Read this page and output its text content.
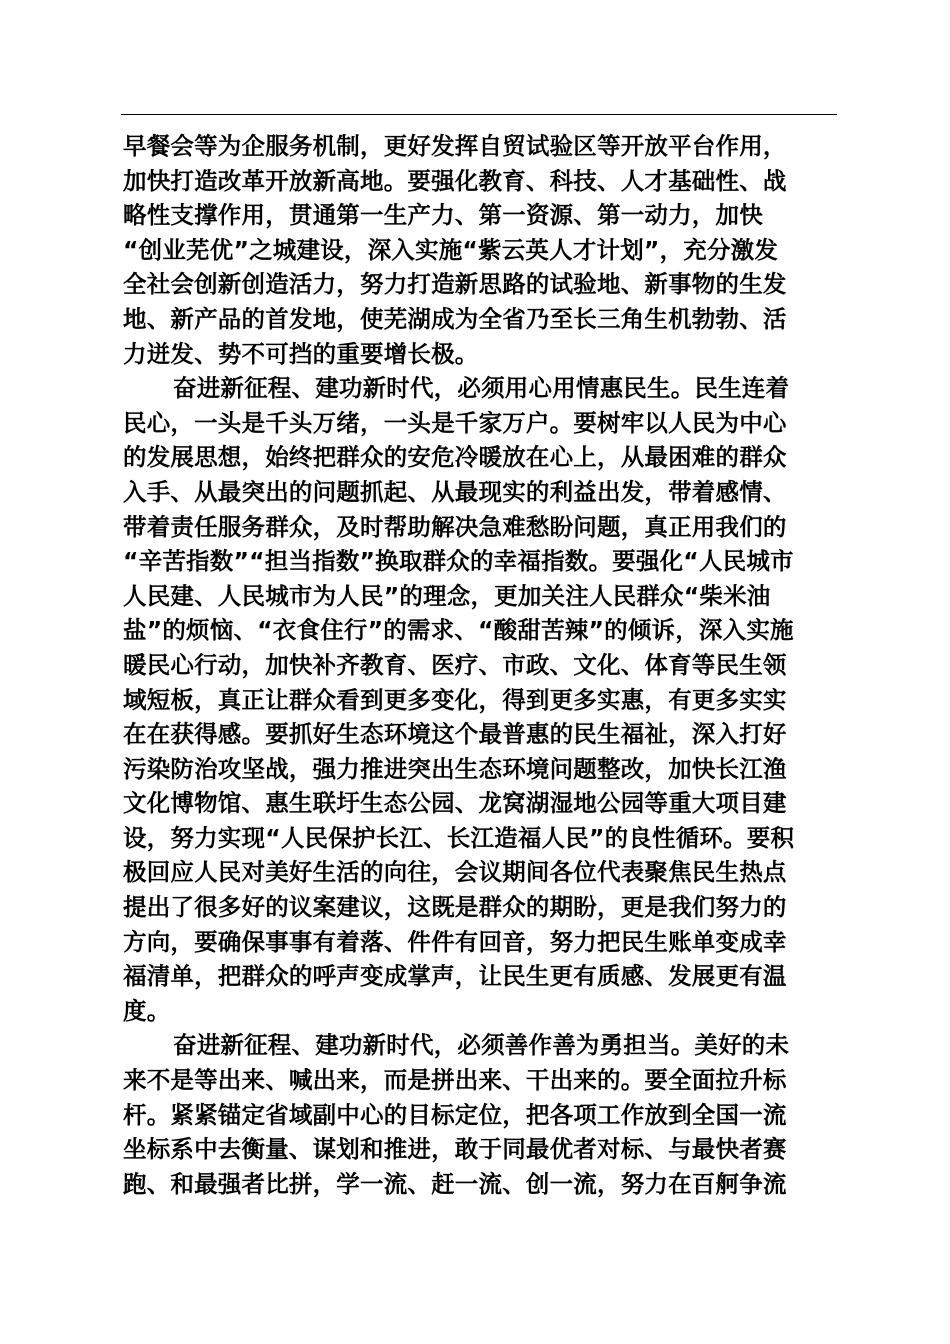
早餐会等为企服务机制，更好发挥自贸试验区等开放平台作用，
加快打造改革开放新高地。要强化教育、科技、人才基础性、战
略性支撑作用，贯通第一生产力、第一资源、第一动力，加快
“创业芜优”之城建设，深入实施“紫云英人才计划”，充分激发
全社会创新创造活力，努力打造新思路的试验地、新事物的生发
地、新产品的首发地，使芜湖成为全省乃至长三角生机勃勃、活
力迸发、势不可挡的重要增长极。
奋进新征程、建功新时代，必须用心用情惠民生。民生连着
民心，一头是千头万绪，一头是千家万户。要树牢以人民为中心
的发展思想，始终把群众的安危冷暖放在心上，从最困难的群众
入手、从最突出的问题抓起、从最现实的利益出发，带着感情、
带着责任服务群众，及时帮助解决急难愁盼问题，真正用我们的
“辛苦指数”“担当指数”换取群众的幸福指数。要强化“人民城市
人民建、人民城市为人民”的理念，更加关注人民群众“柴米油
盐”的烦恼、“衣食住行”的需求、“酸甜苦辣”的倾诉，深入实施
暖民心行动，加快补齐教育、医疗、市政、文化、体育等民生领
域短板，真正让群众看到更多变化，得到更多实惠，有更多实实
在在获得感。要抓好生态环境这个最普惠的民生福祉，深入打好
污染防治攻坚战，强力推进突出生态环境问题整改，加快长江渔
文化博物馆、惠生联圩生态公园、龙窝湖湿地公园等重大项目建
设，努力实现“人民保护长江、长江造福人民”的良性循环。要积
极回应人民对美好生活的向往，会议期间各位代表聚焦民生热点
提出了很多好的议案建议，这既是群众的期盼，更是我们努力的
方向，要确保事事有着落、件件有回音，努力把民生账单变成幸
福清单，把群众的呼声变成掌声，让民生更有质感、发展更有温
度。
奋进新征程、建功新时代，必须善作善为勇担当。美好的未
来不是等出来、喊出来，而是拼出来、干出来的。要全面拉升标
杆。紧紧锚定省域副中心的目标定位，把各项工作放到全国一流
坐标系中去衡量、谋划和推进，敢于同最优者对标、与最快者赛
跑、和最强者比拼，学一流、赶一流、创一流，努力在百舸争流
